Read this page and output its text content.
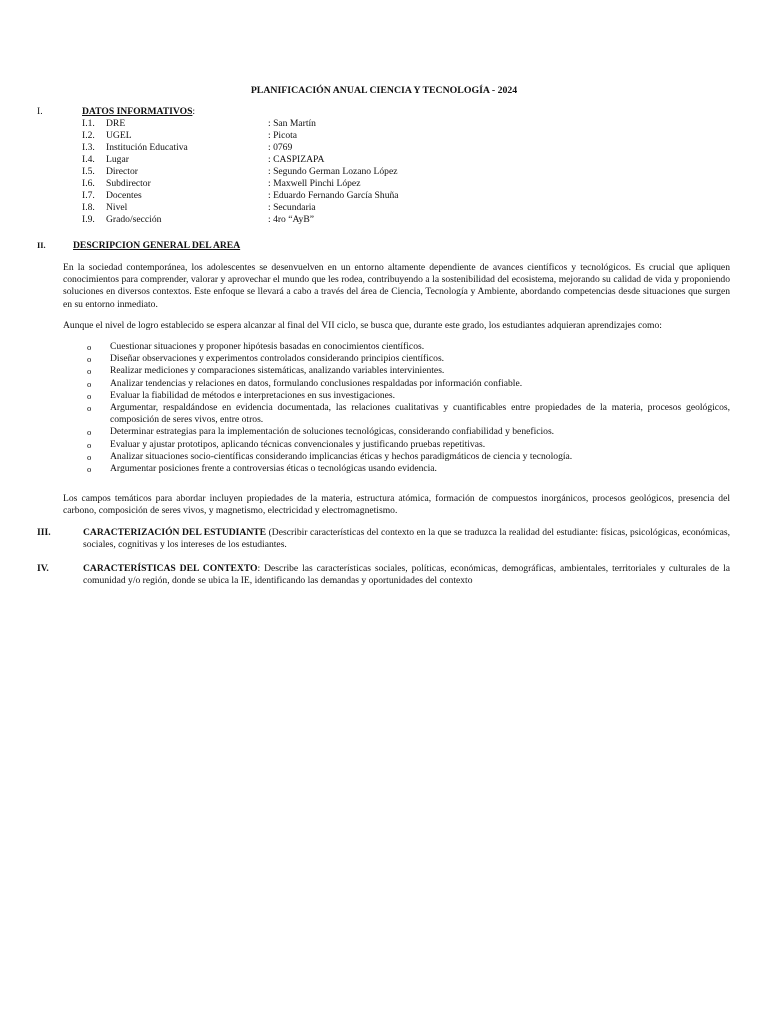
PLANIFICACIÓN ANUAL CIENCIA Y TECNOLOGÍA - 2024
I.	DATOS INFORMATIVOS:
I.1.	DRE	: San Martín
I.2.	UGEL	: Picota
I.3.	Institución Educativa	: 0769
I.4.	Lugar	: CASPIZAPA
I.5.	Director	: Segundo German Lozano López
I.6.	Subdirector	: Maxwell Pinchi López
I.7.	Docentes	: Eduardo Fernando García Shuña
I.8.	Nivel	: Secundaria
I.9.	Grado/sección	: 4ro “AyB”
II.	DESCRIPCION GENERAL DEL AREA
En la sociedad contemporánea, los adolescentes se desenvuelven en un entorno altamente dependiente de avances científicos y tecnológicos. Es crucial que apliquen conocimientos para comprender, valorar y aprovechar el mundo que les rodea, contribuyendo a la sostenibilidad del ecosistema, mejorando su calidad de vida y proponiendo soluciones en diversos contextos. Este enfoque se llevará a cabo a través del área de Ciencia, Tecnología y Ambiente, abordando competencias desde situaciones que surgen en su entorno inmediato.
Aunque el nivel de logro establecido se espera alcanzar al final del VII ciclo, se busca que, durante este grado, los estudiantes adquieran aprendizajes como:
o	Cuestionar situaciones y proponer hipótesis basadas en conocimientos científicos.
o	Diseñar observaciones y experimentos controlados considerando principios científicos.
o	Realizar mediciones y comparaciones sistemáticas, analizando variables intervinientes.
o	Analizar tendencias y relaciones en datos, formulando conclusiones respaldadas por información confiable.
o	Evaluar la fiabilidad de métodos e interpretaciones en sus investigaciones.
o	Argumentar, respaldándose en evidencia documentada, las relaciones cualitativas y cuantificables entre propiedades de la materia, procesos geológicos, composición de seres vivos, entre otros.
o	Determinar estrategias para la implementación de soluciones tecnológicas, considerando confiabilidad y beneficios.
o	Evaluar y ajustar prototipos, aplicando técnicas convencionales y justificando pruebas repetitivas.
o	Analizar situaciones socio-científicas considerando implicancias éticas y hechos paradigmáticos de ciencia y tecnología.
o	Argumentar posiciones frente a controversias éticas o tecnológicas usando evidencia.
Los campos temáticos para abordar incluyen propiedades de la materia, estructura atómica, formación de compuestos inorgánicos, procesos geológicos, presencia del carbono, composición de seres vivos, y magnetismo, electricidad y electromagnetismo.
III.	CARACTERIZACIÓN DEL ESTUDIANTE (Describir características del contexto en la que se traduzca la realidad del estudiante: físicas, psicológicas, económicas, sociales, cognitivas y los intereses de los estudiantes.
IV.	CARACTERÍSTICAS DEL CONTEXTO: Describe las características sociales, políticas, económicas, demográficas, ambientales, territoriales y culturales de la comunidad y/o región, donde se ubica la IE, identificando las demandas y oportunidades del contexto
